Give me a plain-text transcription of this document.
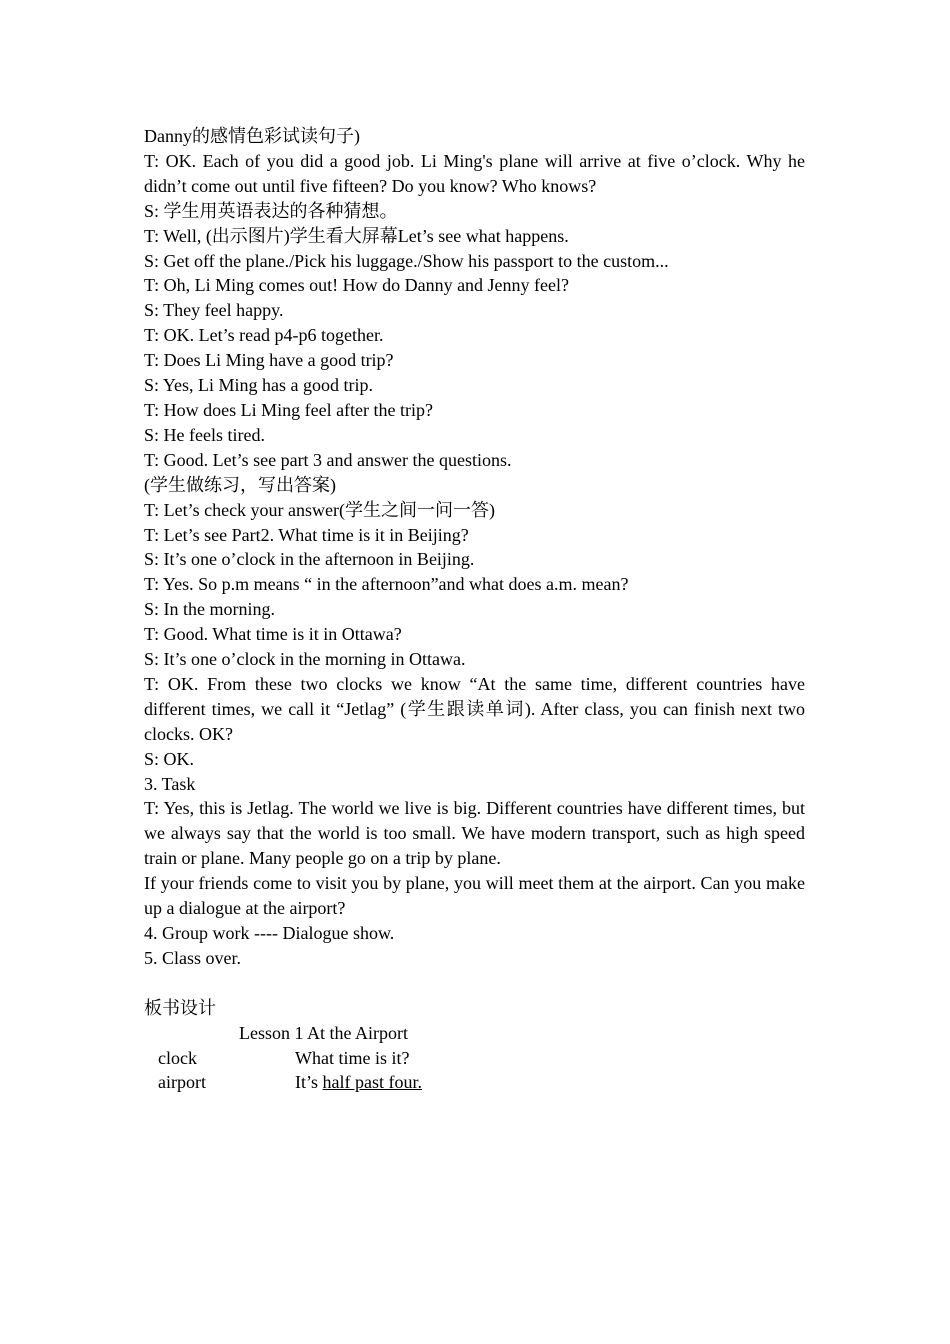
Danny的感情色彩试读句子)

T: OK. Each of you did a good job. Li Ming's plane will arrive at five o’clock. Why he didn’t come out until five fifteen? Do you know? Who knows?

S: 学生用英语表达的各种猜想。

T: Well, (出示图片)学生看大屏幕Let’s see what happens.

S: Get off the plane./Pick his luggage./Show his passport to the custom...

T: Oh, Li Ming comes out! How do Danny and Jenny feel?

S: They feel happy.

T: OK. Let’s read p4-p6 together.

T: Does Li Ming have a good trip?

S: Yes, Li Ming has a good trip.

T: How does Li Ming feel after the trip?

S: He feels tired.

T: Good. Let’s see part 3 and answer the questions.

(学生做练习，写出答案)

T: Let’s check your answer(学生之间一问一答)

T: Let’s see Part2. What time is it in Beijing?

S: It’s one o’clock in the afternoon in Beijing.

T: Yes. So p.m means “ in the afternoon”and what does a.m. mean?

S: In the morning.

T: Good. What time is it in Ottawa?

S: It’s one o’clock in the morning in Ottawa.

T: OK. From these two clocks we know “At the same time, different countries have different times, we call it “Jetlag” (学生跟读单词). After class, you can finish next two clocks. OK?

S: OK.

3. Task

T: Yes, this is Jetlag. The world we live is big. Different countries have different times, but we always say that the world is too small. We have modern transport, such as high speed train or plane. Many people go on a trip by plane.

If your friends come to visit you by plane, you will meet them at the airport. Can you make up a dialogue at the airport?

4. Group work ---- Dialogue show.

5. Class over.

板书设计

Lesson 1 At the Airport
clock	What time is it?
airport	It’s half past four.
